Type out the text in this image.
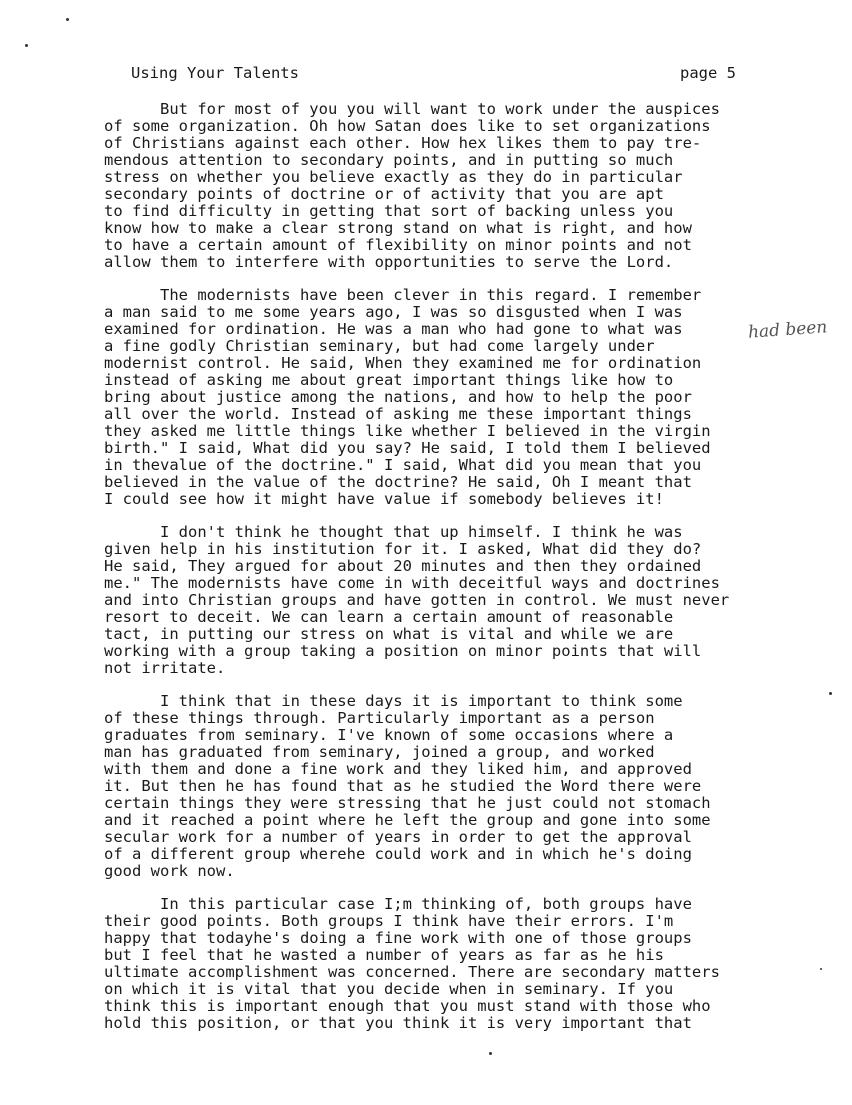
Using Your Talents	page 5
had been
But for most of you you will want to work under the auspices
of some organization. Oh how Satan does like to set organizations
of Christians against each other. How hex likes them to pay tre-
mendous attention to secondary points, and in putting so much
stress on whether you believe exactly as they do in particular
secondary points of doctrine or of activity that you are apt
to find difficulty in getting that sort of backing unless you
know how to make a clear strong stand on what is right, and how
to have a certain amount of flexibility on minor points and not
allow them to interfere with opportunities to serve the Lord.
The modernists have been clever in this regard. I remember
a man said to me some years ago, I was so disgusted when I was
examined for ordination. He was a man who had gone to what was
a fine godly Christian seminary, but had come largely under
modernist control. He said, When they examined me for ordination
instead of asking me about great important things like how to
bring about justice among the nations, and how to help the poor
all over the world. Instead of asking me these important things
they asked me little things like whether I believed in the virgin
birth." I said, What did you say? He said, I told them I believed
in thevalue of the doctrine." I said, What did you mean that you
believed in the value of the doctrine? He said, Oh I meant that
I could see how it might have value if somebody believes it!
I don't think he thought that up himself. I think he was
given help in his institution for it. I asked, What did they do?
He said, They argued for about 20 minutes and then they ordained
me." The modernists have come in with deceitful ways and doctrines
and into Christian groups and have gotten in control. We must never
resort to deceit. We can learn a certain amount of reasonable
tact, in putting our stress on what is vital and while we are
working with a group taking a position on minor points that will
not irritate.
I think that in these days it is important to think some
of these things through. Particularly important as a person
graduates from seminary. I've known of some occasions where a
man has graduated from seminary, joined a group, and worked
with them and done a fine work and they liked him, and approved
it. But then he has found that as he studied the Word there were
certain things they were stressing that he just could not stomach
and it reached a point where he left the group and gone into some
secular work for a number of years in order to get the approval
of a different group wherehe could work and in which he's doing
good work now.
In this particular case I;m thinking of, both groups have
their good points. Both groups I think have their errors. I'm
happy that todayhe's doing a fine work with one of those groups
but I feel that he wasted a number of years as far as he his
ultimate accomplishment was concerned. There are secondary matters
on which it is vital that you decide when in seminary. If you
think this is important enough that you must stand with those who
hold this position, or that you think it is very important that
